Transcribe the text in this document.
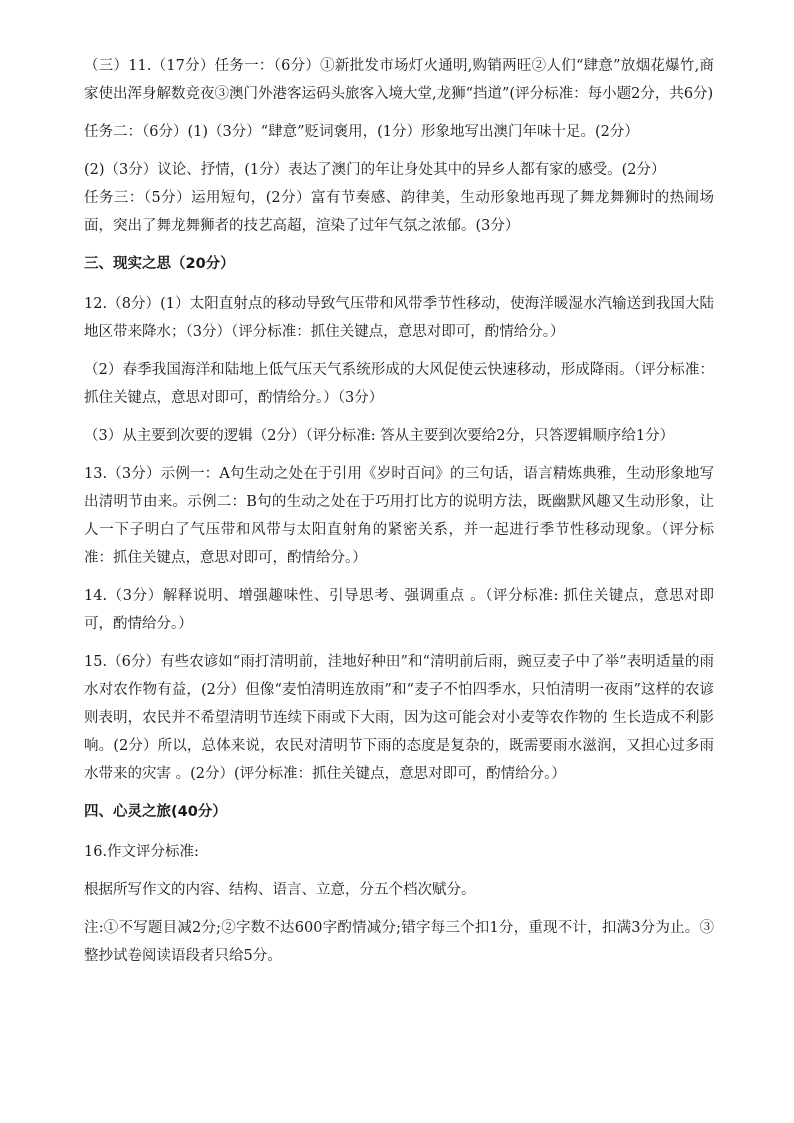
（三）11.（17分）任务一：（6分）①新批发市场灯火通明,购销两旺②人们“肆意”放烟花爆竹,商家使出浑身解数竞夜③澳门外港客运码头旅客入境大堂,龙狮“挡道”(评分标准：每小题2分，共6分)

任务二：（6分）(1)（3分）“肆意”贬词褒用，(1分）形象地写出澳门年味十足。(2分）

(2)（3分）议论、抒情，(1分）表达了澳门的年让身处其中的异乡人都有家的感受。(2分）

任务三：（5分）运用短句，(2分）富有节奏感、韵律美，生动形象地再现了舞龙舞狮时的热闹场面，突出了舞龙舞狮者的技艺高超，渲染了过年气氛之浓郁。(3分）

三、现实之思（20分）

12.（8分）(1）太阳直射点的移动导致气压带和风带季节性移动，使海洋暖湿水汽输送到我国大陆地区带来降水；（3分）（评分标准：抓住关键点，意思对即可，酌情给分。）

（2）春季我国海洋和陆地上低气压天气系统形成的大风促使云快速移动，形成降雨。（评分标准：抓住关键点，意思对即可，酌情给分。）（3分）

（3）从主要到次要的逻辑（2分）（评分标准: 答从主要到次要给2分，只答逻辑顺序给1分）

13.（3分）示例一：A句生动之处在于引用《岁时百问》的三句话，语言精炼典雅，生动形象地写出清明节由来。示例二：B句的生动之处在于巧用打比方的说明方法，既幽默风趣又生动形象，让人一下子明白了气压带和风带与太阳直射角的紧密关系，并一起进行季节性移动现象。（评分标准：抓住关键点，意思对即可，酌情给分。）

14.（3分）解释说明、增强趣味性、引导思考、强调重点 。（评分标准: 抓住关键点，意思对即可，酌情给分。）

15.（6分）有些农谚如“雨打清明前，洼地好种田”和“清明前后雨，豌豆麦子中了举”表明适量的雨水对农作物有益，(2分）但像“麦怕清明连放雨”和“麦子不怕四季水，只怕清明一夜雨”这样的农谚则表明，农民并不希望清明节连续下雨或下大雨，因为这可能会对小麦等农作物的 生长造成不利影响。(2分）所以，总体来说，农民对清明节下雨的态度是复杂的，既需要雨水滋润，又担心过多雨水带来的灾害 。(2分）(评分标准：抓住关键点，意思对即可，酌情给分。）

四、心灵之旅(40分）

16.作文评分标准:

根据所写作文的内容、结构、语言、立意，分五个档次赋分。

注:①不写题目减2分;②字数不达600字酌情减分;错字每三个扣1分，重现不计，扣满3分为止。③整抄试卷阅读语段者只给5分。
